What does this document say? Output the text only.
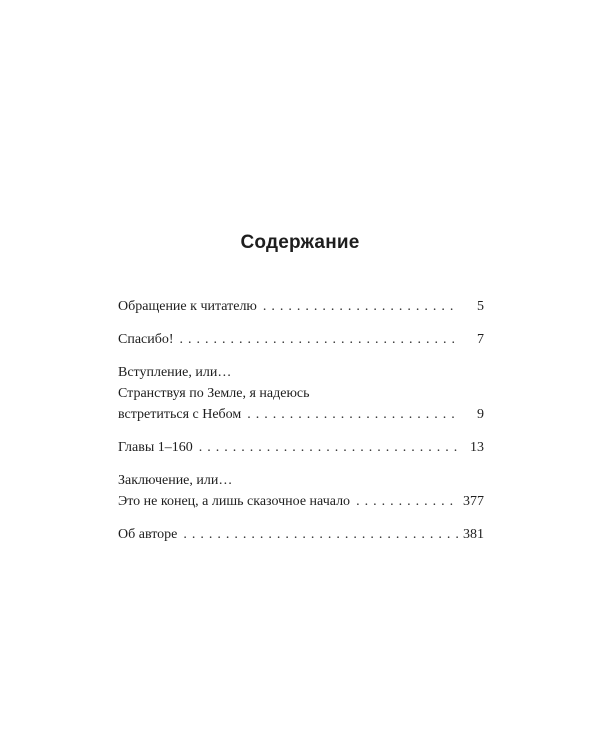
Содержание
Обращение к читателю . . .	5
Спасибо! . . .	7
Вступление, или…
Странствуя по Земле, я надеюсь
встретиться с Небом . . .	9
Главы 1–160 . . .	13
Заключение, или…
Это не конец, а лишь сказочное начало . . .	377
Об авторе . . .	381
